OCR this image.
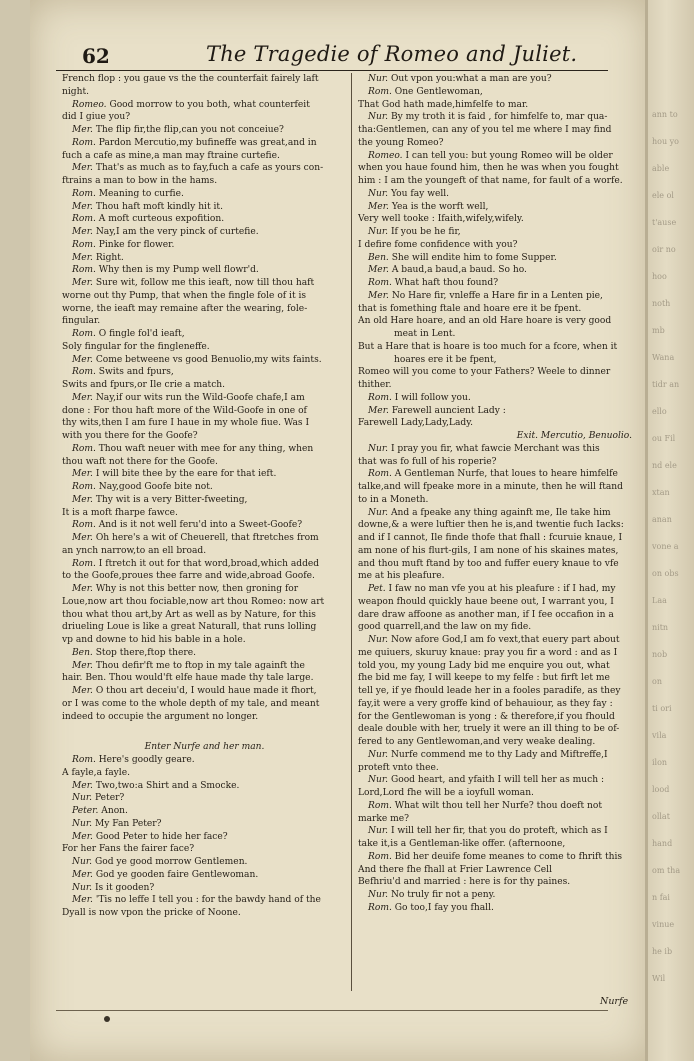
ann to
hou yo
able
ele ol
t'ause
oir no
hoo
noth
mb
Wana
tidr an
ello
ou Fil
nd ele
xtan
anan
vone a
on obs
Laa
nitn
nob
on
ti ori
vila
ilon
lood
ollat
hand
om tha
n fai
vinue
he ib
Wil
62	The Tragedie of Romeo and Juliet.
French flop : you gaue vs the the counterfait fairely laft
night.
Romeo. Good morrow to you both, what counterfeit
did I giue you?
Mer. The flip fir,the flip,can you not conceiue?
Rom. Pardon Mercutio,my bufineffe was great,and in
fuch a cafe as mine,a man may ftraine curtefie.
Mer. That's as much as to fay,fuch a cafe as yours con-
ftrains a man to bow in the hams.
Rom. Meaning to curfie.
Mer. Thou haft moft kindly hit it.
Rom. A moft curteous expofition.
Mer. Nay,I am the very pinck of curtefie.
Rom. Pinke for flower.
Mer. Right.
Rom. Why then is my Pump well flowr'd.
Mer. Sure wit, follow me this ieaft, now till thou haft
worne out thy Pump, that when the fingle fole of it is
worne, the ieaft may remaine after the wearing, fole-
fingular.
Rom. O fingle fol'd ieaft,
Soly fingular for the fingleneffe.
Mer. Come betweene vs good Benuolio,my wits faints.
Rom. Swits and fpurs,
Swits and fpurs,or Ile crie a match.
Mer. Nay,if our wits run the Wild-Goofe chafe,I am
done : For thou haft more of the Wild-Goofe in one of
thy wits,then I am fure I haue in my whole fiue. Was I
with you there for the Goofe?
Rom. Thou waft neuer with mee for any thing, when
thou waft not there for the Goofe.
Mer. I will bite thee by the eare for that ieft.
Rom. Nay,good Goofe bite not.
Mer. Thy wit is a very Bitter-fweeting,
It is a moft fharpe fawce.
Rom. And is it not well feru'd into a Sweet-Goofe?
Mer. Oh here's a wit of Cheuerell, that ftretches from
an ynch narrow,to an ell broad.
Rom. I ftretch it out for that word,broad,which added
to the Goofe,proues thee farre and wide,abroad Goofe.
Mer. Why is not this better now, then groning for
Loue,now art thou fociable,now art thou Romeo: now art
thou what thou art,by Art as well as by Nature, for this
driueling Loue is like a great Naturall, that runs lolling
vp and downe to hid his bable in a hole.
Ben. Stop there,ftop there.
Mer. Thou defir'ft me to ftop in my tale againft the
hair. Ben. Thou would'ft elfe haue made thy tale large.
Mer. O thou art deceiu'd, I would haue made it fhort,
or I was come to the whole depth of my tale, and meant
indeed to occupie the argument no longer.
Enter Nurfe and her man.
Rom. Here's goodly geare.
A fayle,a fayle.
Mer. Two,two:a Shirt and a Smocke.
Nur. Peter?
Peter. Anon.
Nur. My Fan Peter?
Mer. Good Peter to hide her face?
For her Fans the fairer face?
Nur. God ye good morrow Gentlemen.
Mer. God ye gooden faire Gentlewoman.
Nur. Is it gooden?
Mer. 'Tis no leffe I tell you : for the bawdy hand of the
Dyall is now vpon the pricke of Noone.
Nur. Out vpon you:what a man are you?
Rom. One Gentlewoman,
That God hath made,himfelfe to mar.
Nur. By my troth it is faid , for himfelfe to, mar qua-
tha:Gentlemen, can any of you tel me where I may find
the young Romeo?
Romeo. I can tell you: but young Romeo will be older
when you haue found him, then he was when you fought
him : I am the youngeft of that name, for fault of a worfe.
Nur. You fay well.
Mer. Yea is the worft well,
Very well tooke : Ifaith,wifely,wifely.
Nur. If you be he fir,
I defire fome confidence with you?
Ben. She will endite him to fome Supper.
Mer. A baud,a baud,a baud. So ho.
Rom. What haft thou found?
Mer. No Hare fir, vnleffe a Hare fir in a Lenten pie,
that is fomething ftale and hoare ere it be fpent.
An old Hare hoare, and an old Hare hoare is very good
meat in Lent.
But a Hare that is hoare is too much for a fcore, when it
hoares ere it be fpent,
Romeo will you come to your Fathers? Weele to dinner
thither.
Rom. I will follow you.
Mer. Farewell auncient Lady :
Farewell Lady,Lady,Lady.
Exit. Mercutio, Benuolio.
Nur. I pray you fir, what fawcie Merchant was this
that was fo full of his roperie?
Rom. A Gentleman Nurfe, that loues to heare himfelfe
talke,and will fpeake more in a minute, then he will ftand
to in a Moneth.
Nur. And a fpeake any thing againft me, Ile take him
downe,& a were luftier then he is,and twentie fuch Iacks:
and if I cannot, Ile finde thofe that fhall : fcuruie knaue, I
am none of his flurt-gils, I am none of his skaines mates,
and thou muft ftand by too and fuffer euery knaue to vfe
me at his pleafure.
Pet. I faw no man vfe you at his pleafure : if I had, my
weapon fhould quickly haue beene out, I warrant you, I
dare draw affoone as another man, if I fee occafion in a
good quarrell,and the law on my fide.
Nur. Now afore God,I am fo vext,that euery part about
me quiuers, skuruy knaue: pray you fir a word : and as I
told you, my young Lady bid me enquire you out, what
fhe bid me fay, I will keepe to my felfe : but firft let me
tell ye, if ye fhould leade her in a fooles paradife, as they
fay,it were a very groffe kind of behauiour, as they fay :
for the Gentlewoman is yong : & therefore,if you fhould
deale double with her, truely it were an ill thing to be of-
fered to any Gentlewoman,and very weake dealing.
Nur. Nurfe commend me to thy Lady and Miftreffe,I
proteft vnto thee.
Nur. Good heart, and yfaith I will tell her as much :
Lord,Lord fhe will be a ioyfull woman.
Rom. What wilt thou tell her Nurfe? thou doeft not
marke me?
Nur. I will tell her fir, that you do proteft, which as I
take it,is a Gentleman-like offer. (afternoone,
Rom. Bid her deuife fome meanes to come to fhrift this
And there fhe fhall at Frier Lawrence Cell
Befhriu'd and married : here is for thy paines.
Nur. No truly fir not a peny.
Rom. Go too,I fay you fhall.
Nurfe
